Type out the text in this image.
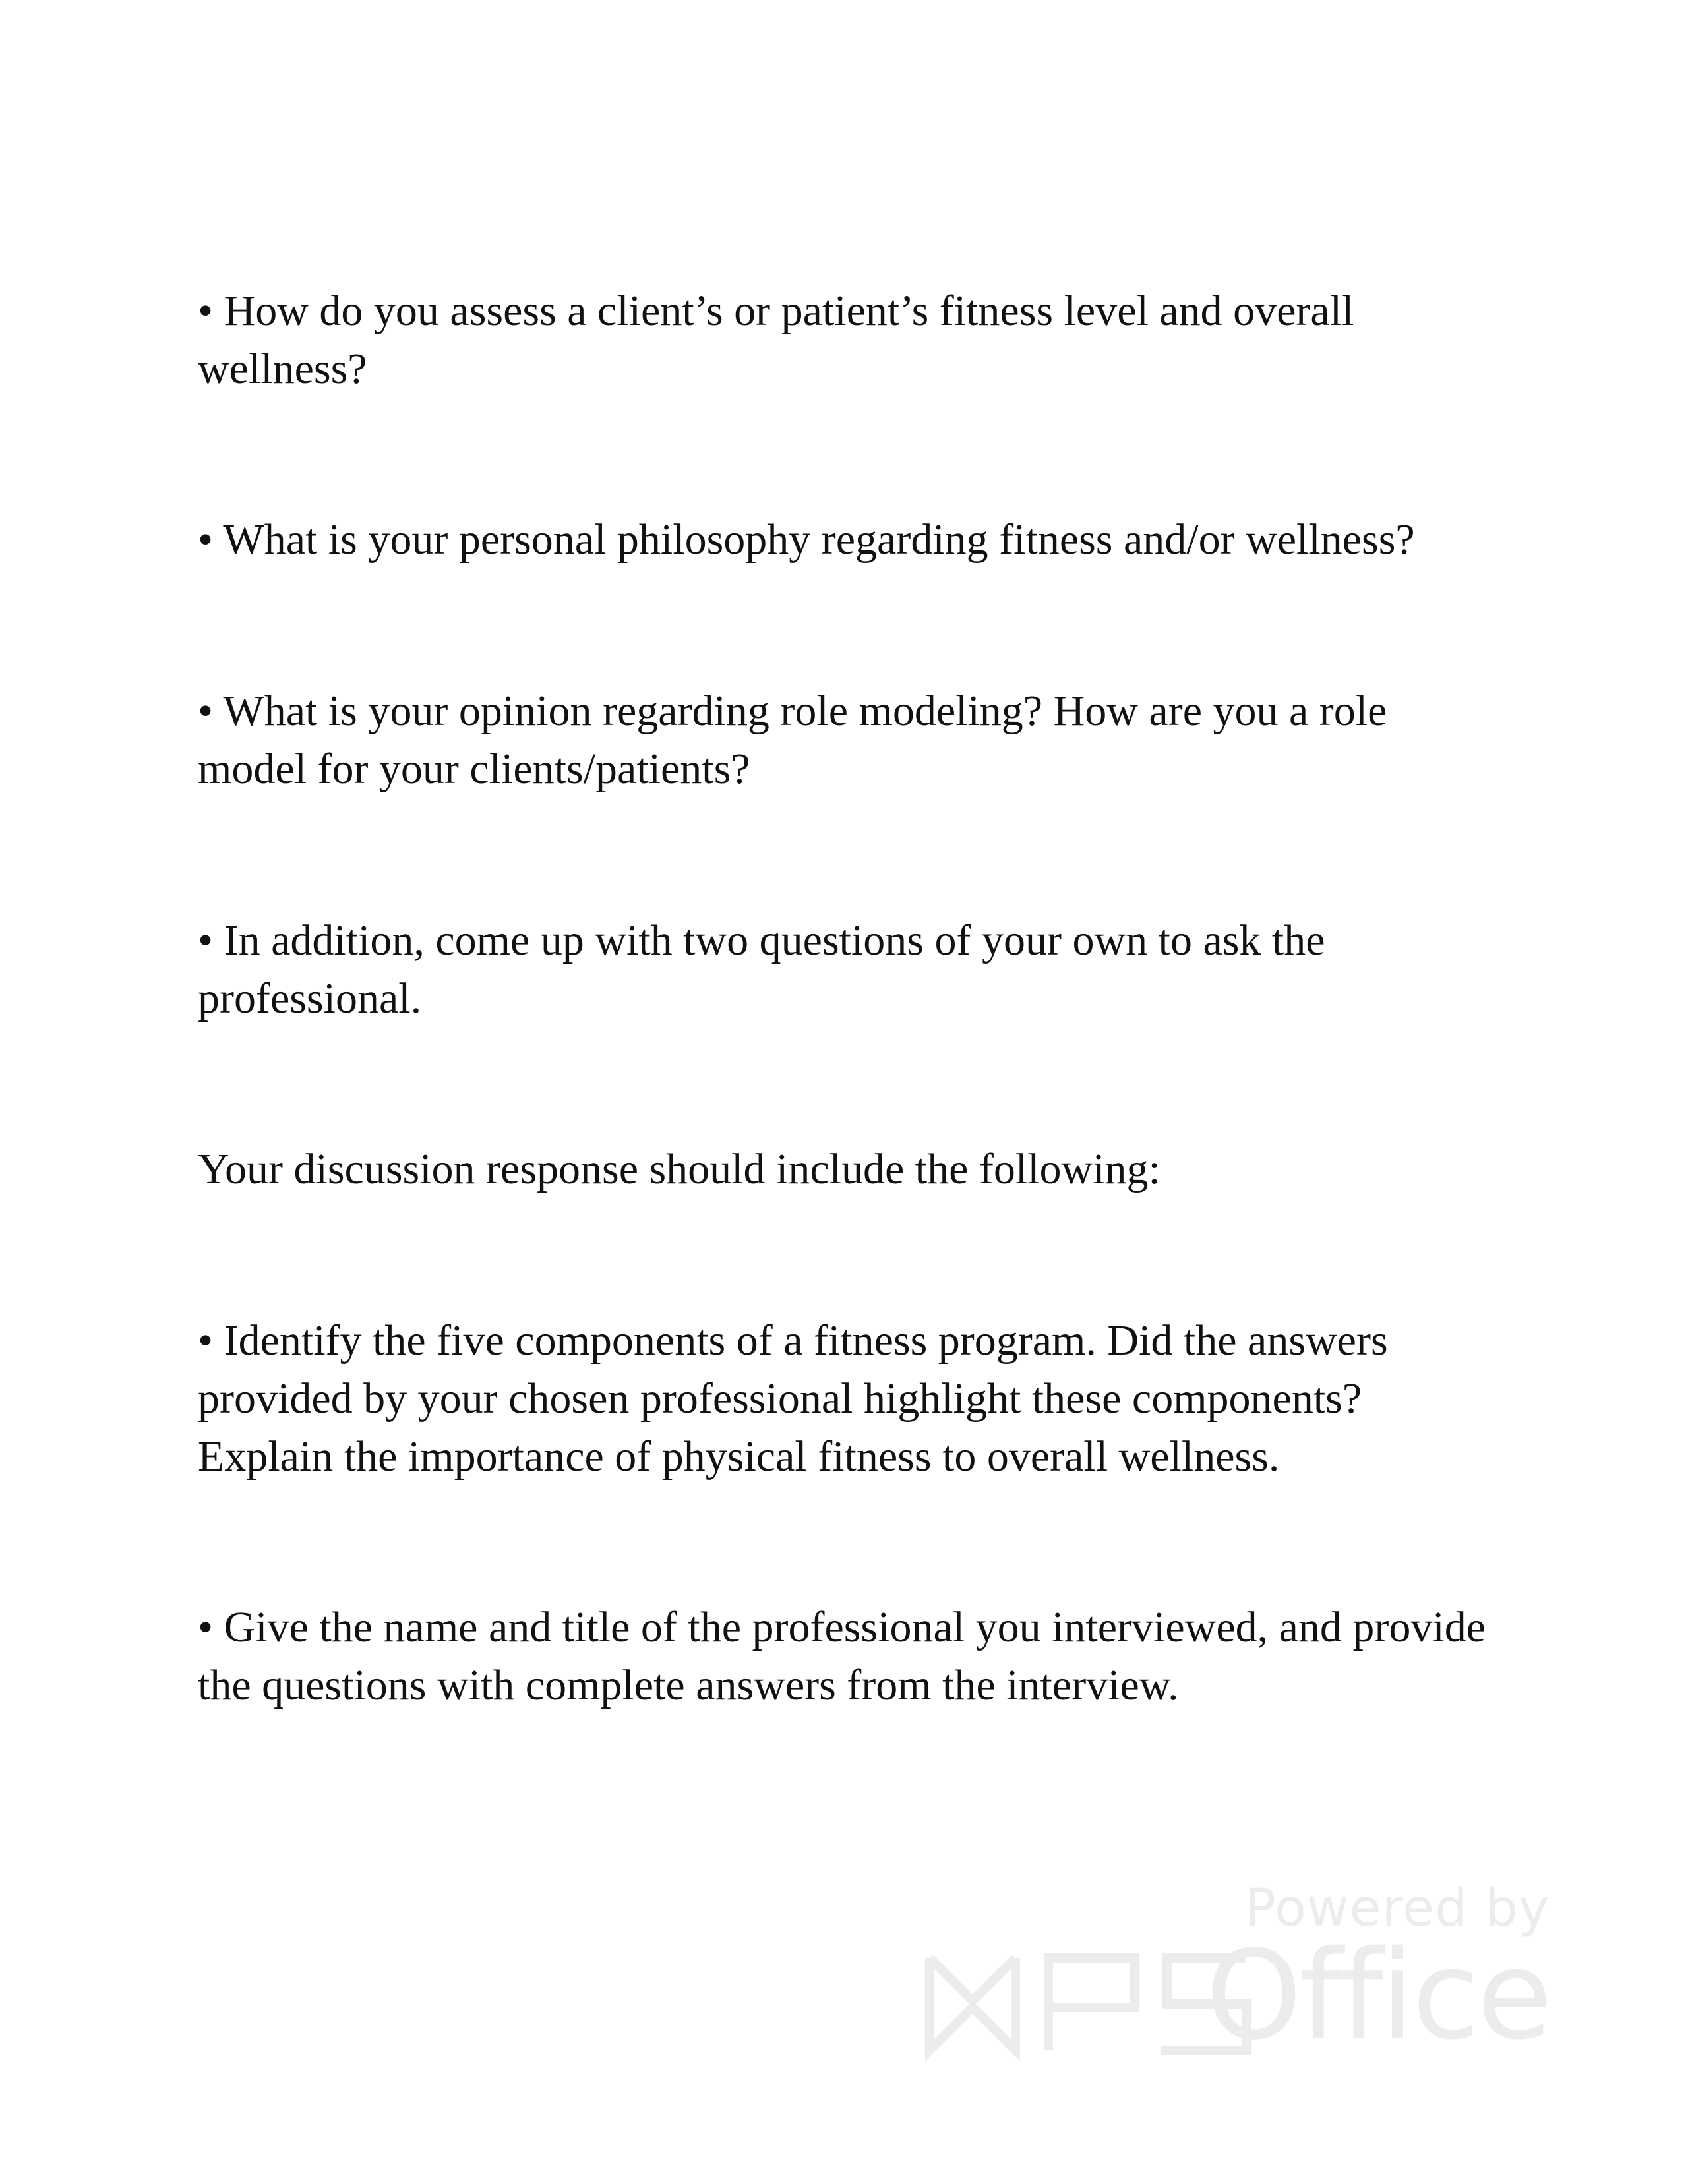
• How do you assess a client’s or patient’s fitness level and overall wellness?

• What is your personal philosophy regarding fitness and/or wellness?

• What is your opinion regarding role modeling? How are you a role model for your clients/patients?

• In addition, come up with two questions of your own to ask the professional.

Your discussion response should include the following:

• Identify the five components of a fitness program. Did the answers provided by your chosen professional highlight these components? Explain the importance of physical fitness to overall wellness.

• Give the name and title of the professional you interviewed, and provide the questions with complete answers from the interview.

Powered by
Office
